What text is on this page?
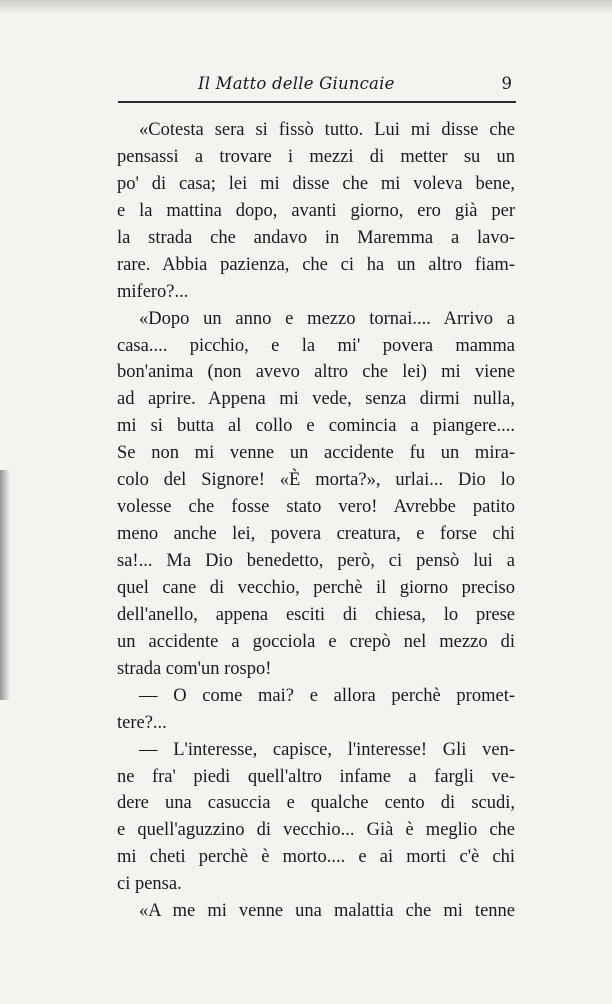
Il Matto delle Giuncaie	9
«Cotesta sera si fissò tutto. Lui mi disse che
pensassi a trovare i mezzi di metter su un
po' di casa; lei mi disse che mi voleva bene,
e la mattina dopo, avanti giorno, ero già per
la strada che andavo in Maremma a lavo-
rare. Abbia pazienza, che ci ha un altro fiam-
mifero?...
«Dopo un anno e mezzo tornai.... Arrivo a
casa.... picchio, e la mi' povera mamma
bon'anima (non avevo altro che lei) mi viene
ad aprire. Appena mi vede, senza dirmi nulla,
mi si butta al collo e comincia a piangere....
Se non mi venne un accidente fu un mira-
colo del Signore! «È morta?», urlai... Dio lo
volesse che fosse stato vero! Avrebbe patito
meno anche lei, povera creatura, e forse chi
sa!... Ma Dio benedetto, però, ci pensò lui a
quel cane di vecchio, perchè il giorno preciso
dell'anello, appena esciti di chiesa, lo prese
un accidente a gocciola e crepò nel mezzo di
strada com'un rospo!
— O come mai? e allora perchè promet-
tere?...
— L'interesse, capisce, l'interesse! Gli ven-
ne fra' piedi quell'altro infame a fargli ve-
dere una casuccia e qualche cento di scudi,
e quell'aguzzino di vecchio... Già è meglio che
mi cheti perchè è morto.... e ai morti c'è chi
ci pensa.
«A me mi venne una malattia che mi tenne
